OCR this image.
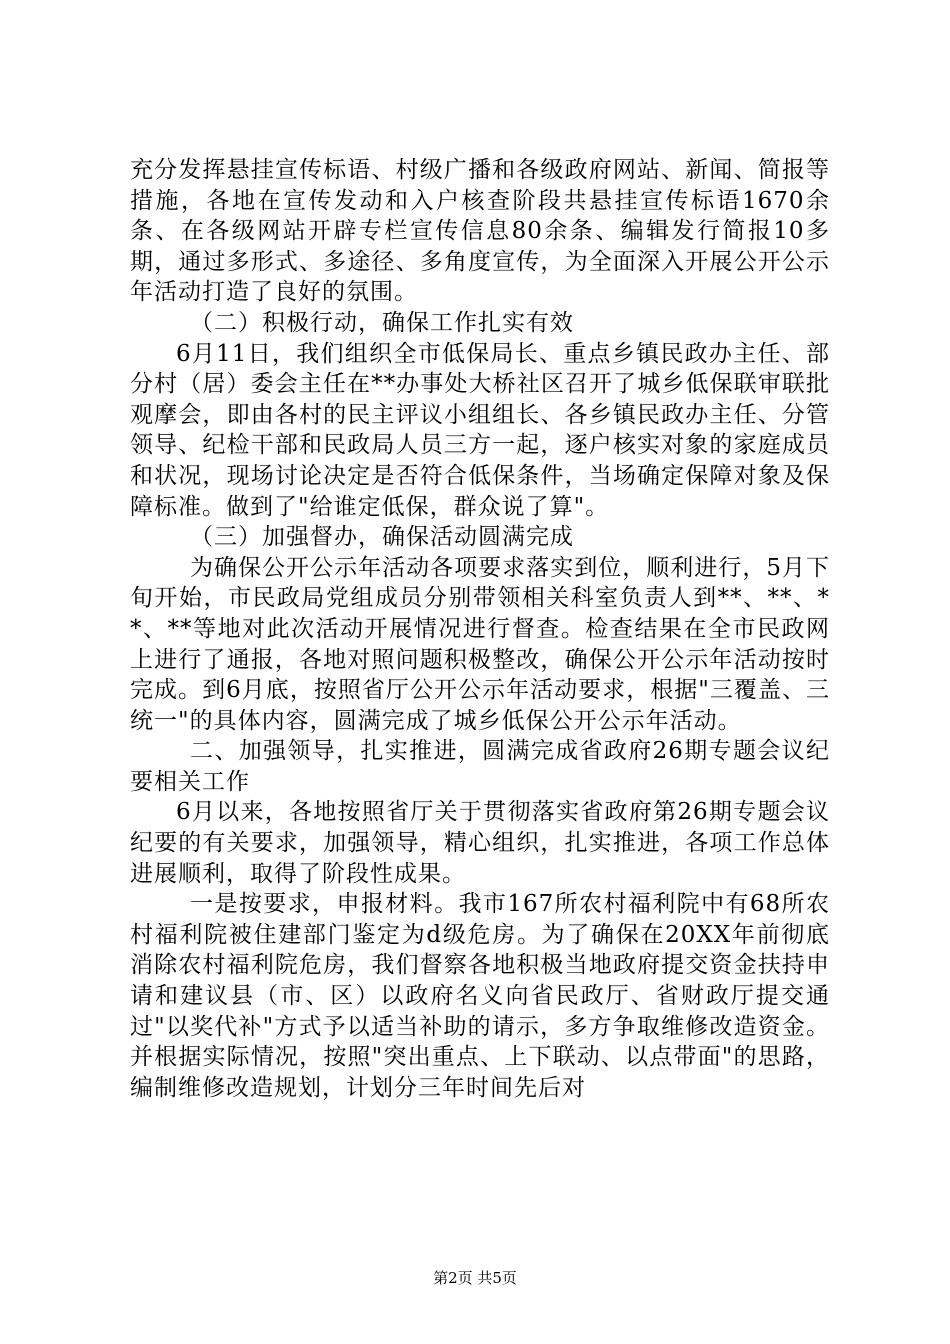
充分发挥悬挂宣传标语、村级广播和各级政府网站、新闻、简报等措施，各地在宣传发动和入户核查阶段共悬挂宣传标语1670余条、在各级网站开辟专栏宣传信息80余条、编辑发行简报10多期，通过多形式、多途径、多角度宣传，为全面深入开展公开公示年活动打造了良好的氛围。

（二）积极行动，确保工作扎实有效

6月11日，我们组织全市低保局长、重点乡镇民政办主任、部分村（居）委会主任在**办事处大桥社区召开了城乡低保联审联批观摩会，即由各村的民主评议小组组长、各乡镇民政办主任、分管领导、纪检干部和民政局人员三方一起，逐户核实对象的家庭成员和状况，现场讨论决定是否符合低保条件，当场确定保障对象及保障标准。做到了"给谁定低保，群众说了算"。

（三）加强督办，确保活动圆满完成

为确保公开公示年活动各项要求落实到位，顺利进行，5月下旬开始，市民政局党组成员分别带领相关科室负责人到**、**、**、**等地对此次活动开展情况进行督查。检查结果在全市民政网上进行了通报，各地对照问题积极整改，确保公开公示年活动按时完成。到6月底，按照省厅公开公示年活动要求，根据"三覆盖、三统一"的具体内容，圆满完成了城乡低保公开公示年活动。

二、加强领导，扎实推进，圆满完成省政府26期专题会议纪要相关工作

6月以来，各地按照省厅关于贯彻落实省政府第26期专题会议纪要的有关要求，加强领导，精心组织，扎实推进，各项工作总体进展顺利，取得了阶段性成果。

一是按要求，申报材料。我市167所农村福利院中有68所农村福利院被住建部门鉴定为d级危房。为了确保在20XX年前彻底消除农村福利院危房，我们督察各地积极当地政府提交资金扶持申请和建议县（市、区）以政府名义向省民政厅、省财政厅提交通过"以奖代补"方式予以适当补助的请示，多方争取维修改造资金。并根据实际情况，按照"突出重点、上下联动、以点带面"的思路，编制维修改造规划，计划分三年时间先后对

第2页 共5页
